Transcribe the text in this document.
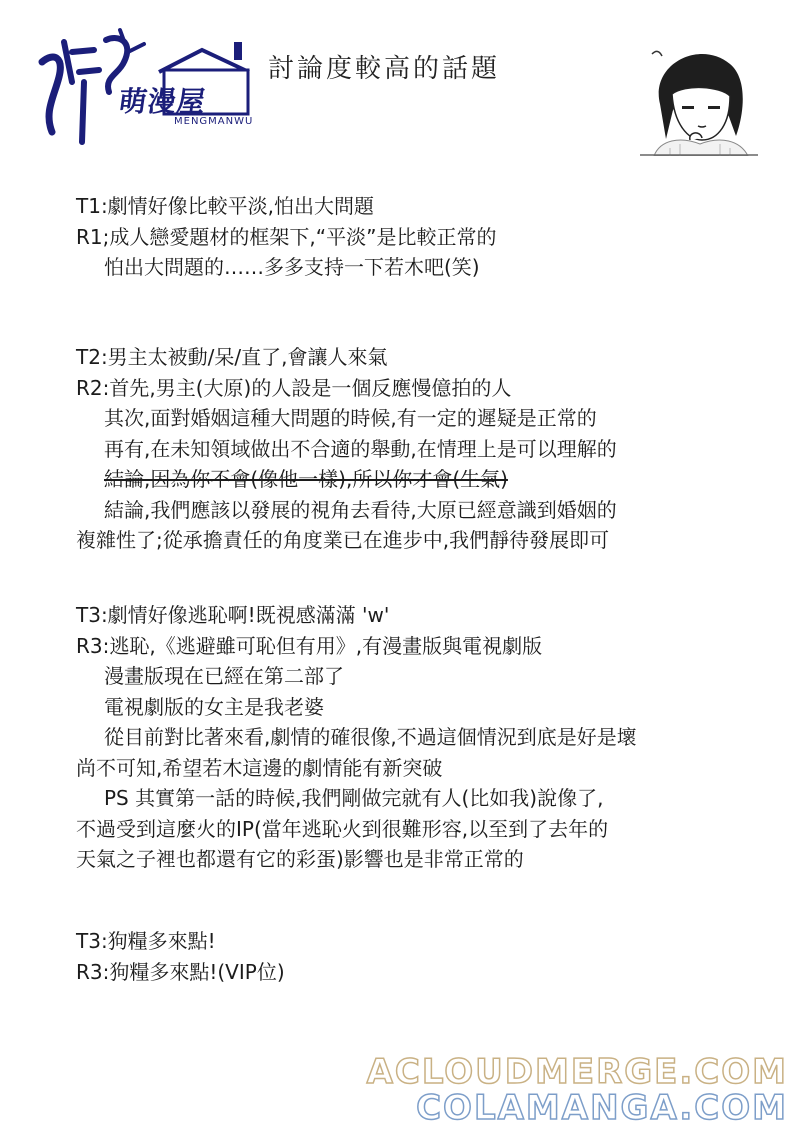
萌漫屋
MENGMANWU
討論度較高的話題
T1:劇情好像比較平淡,怕出大問題
R1;成人戀愛題材的框架下,“平淡”是比較正常的
怕出大問題的……多多支持一下若木吧(笑)
T2:男主太被動/呆/直了,會讓人來氣
R2:首先,男主(大原)的人設是一個反應慢億拍的人
其次,面對婚姻這種大問題的時候,有一定的遲疑是正常的
再有,在未知領域做出不合適的舉動,在情理上是可以理解的
結論,因為你不會(像他一樣),所以你才會(生氣)
結論,我們應該以發展的視角去看待,大原已經意識到婚姻的
複雜性了;從承擔責任的角度業已在進步中,我們靜待發展即可
T3:劇情好像逃恥啊!既視感滿滿 'w'
R3:逃恥,《逃避雖可恥但有用》,有漫畫版與電視劇版
漫畫版現在已經在第二部了
電視劇版的女主是我老婆
從目前對比著來看,劇情的確很像,不過這個情況到底是好是壞
尚不可知,希望若木這邊的劇情能有新突破
PS 其實第一話的時候,我們剛做完就有人(比如我)說像了,
不過受到這麼火的IP(當年逃恥火到很難形容,以至到了去年的
天氣之子裡也都還有它的彩蛋)影響也是非常正常的
T3:狗糧多來點!
R3:狗糧多來點!(VIP位)
ACLOUDMERGE.COM
COLAMANGA.COM
